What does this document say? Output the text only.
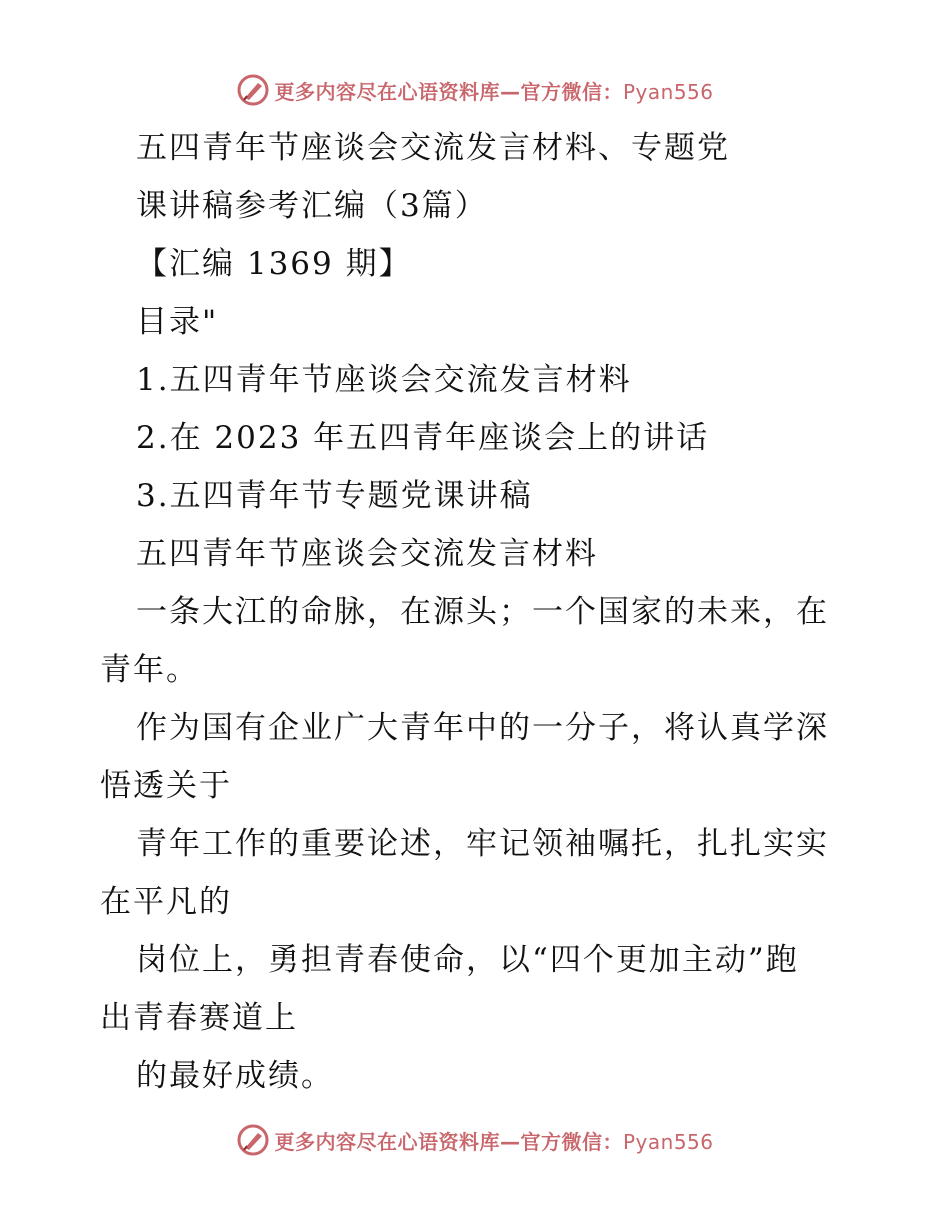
更多内容尽在心语资料库—官方微信：Pyan556
五四青年节座谈会交流发言材料、专题党
课讲稿参考汇编（3篇）
【汇编 1369 期】
目录"
1.五四青年节座谈会交流发言材料
2.在 2023 年五四青年座谈会上的讲话
3.五四青年节专题党课讲稿
五四青年节座谈会交流发言材料
一条大江的命脉，在源头；一个国家的未来，在
青年。
作为国有企业广大青年中的一分子，将认真学深
悟透关于
青年工作的重要论述，牢记领袖嘱托，扎扎实实
在平凡的
岗位上，勇担青春使命，以“四个更加主动”跑
出青春赛道上
的最好成绩。
更多内容尽在心语资料库—官方微信：Pyan556
